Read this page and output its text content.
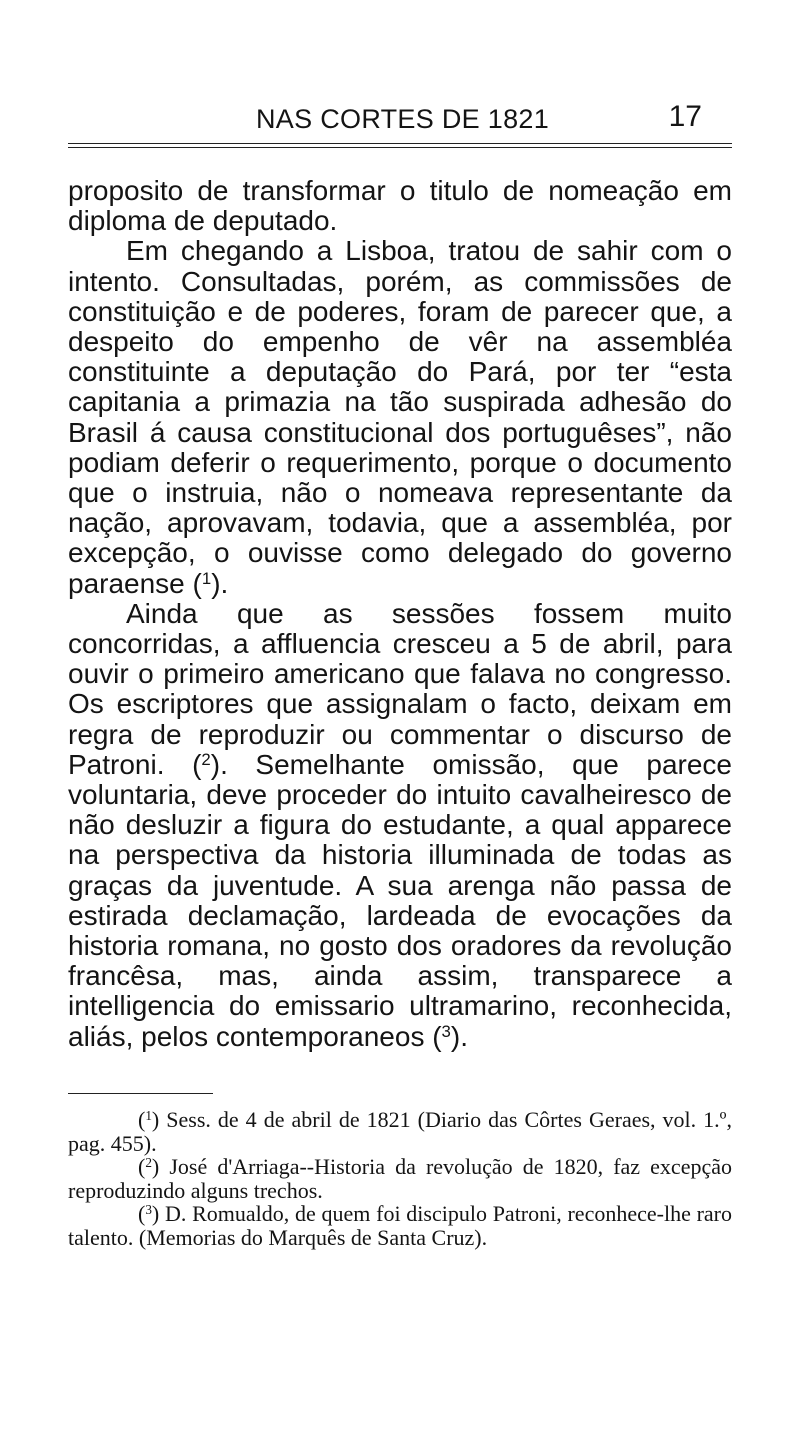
NAS CORTES DE 1821	17

proposito de transformar o titulo de nomeação em diploma de deputado.

Em chegando a Lisboa, tratou de sahir com o intento. Consultadas, porém, as commissões de constituição e de poderes, foram de parecer que, a despeito do empenho de vêr na assembléa constituinte a deputação do Pará, por ter “esta capitania a primazia na tão suspirada adhesão do Brasil á causa constitucional dos portuguêses”, não podiam deferir o requerimento, porque o documento que o instruia, não o nomeava representante da nação, aprovavam, todavia, que a assembléa, por excepção, o ouvisse como delegado do governo paraense ($^1$).

Ainda que as sessões fossem muito concorridas, a affluencia cresceu a 5 de abril, para ouvir o primeiro americano que falava no congresso. Os escriptores que assignalam o facto, deixam em regra de reproduzir ou commentar o discurso de Patroni. ($^2$). Semelhante omissão, que parece voluntaria, deve proceder do intuito cavalheiresco de não desluzir a figura do estudante, a qual apparece na perspectiva da historia illuminada de todas as graças da juventude. A sua arenga não passa de estirada declamação, lardeada de evocações da historia romana, no gosto dos oradores da revolução francêsa, mas, ainda assim, transparece a intelligencia do emissario ultramarino, reconhecida, aliás, pelos contemporaneos ($^3$).

($^1$) Sess. de 4 de abril de 1821 (Diario das Côrtes Geraes, vol. 1.º, pag. 455).

($^2$) José d'Arriaga--Historia da revolução de 1820, faz excepção reproduzindo alguns trechos.

($^3$) D. Romualdo, de quem foi discipulo Patroni, reconhece-lhe raro talento. (Memorias do Marquês de Santa Cruz).
